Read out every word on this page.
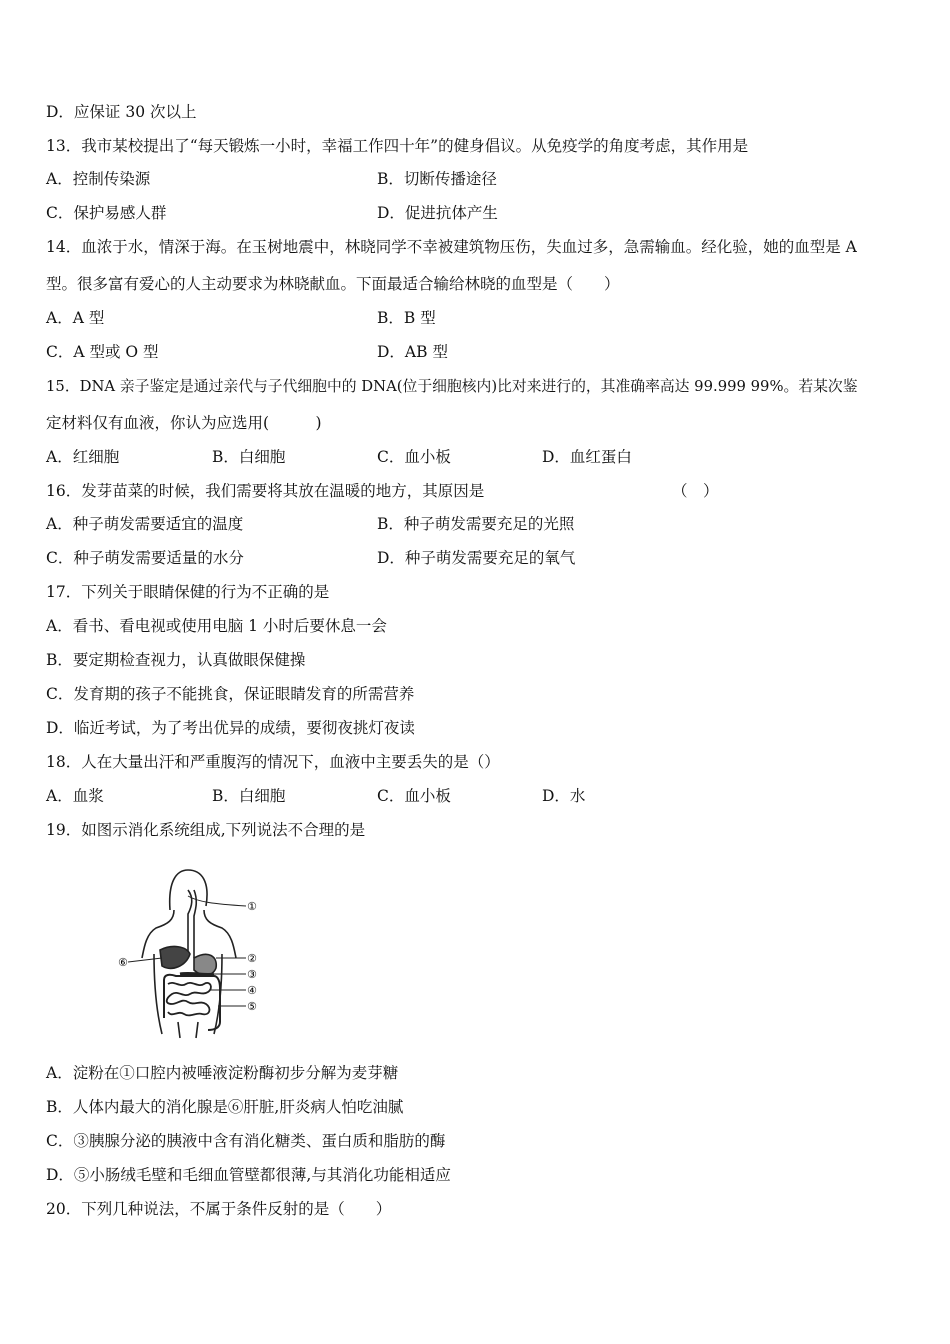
D．应保证 30 次以上
13．我市某校提出了“每天锻炼一小时，幸福工作四十年”的健身倡议。从免疫学的角度考虑，其作用是
A．控制传染源	B．切断传播途径
C．保护易感人群	D．促进抗体产生
14．血浓于水，情深于海。在玉树地震中，林晓同学不幸被建筑物压伤，失血过多，急需输血。经化验，她的血型是 A
型。很多富有爱心的人主动要求为林晓献血。下面最适合输给林晓的血型是（　　）
A．A 型	B．B 型
C．A 型或 O 型	D．AB 型
15．DNA 亲子鉴定是通过亲代与子代细胞中的 DNA(位于细胞核内)比对来进行的，其准确率高达 99.999 99%。若某次鉴
定材料仅有血液，你认为应选用(　　　)
A．红细胞	B．白细胞	C．血小板	D．血红蛋白
16．发芽苗菜的时候，我们需要将其放在温暖的地方，其原因是	（　）
A．种子萌发需要适宜的温度	B．种子萌发需要充足的光照
C．种子萌发需要适量的水分	D．种子萌发需要充足的氧气
17．下列关于眼睛保健的行为不正确的是
A．看书、看电视或使用电脑 1 小时后要休息一会
B．要定期检查视力，认真做眼保健操
C．发育期的孩子不能挑食，保证眼睛发育的所需营养
D．临近考试，为了考出优异的成绩，要彻夜挑灯夜读
18．人在大量出汗和严重腹泻的情况下，血液中主要丢失的是（）
A．血浆	B．白细胞	C．血小板	D．水
19．如图示消化系统组成,下列说法不合理的是
①
②
③
④
⑤
⑥
A．淀粉在①口腔内被唾液淀粉酶初步分解为麦芽糖
B．人体内最大的消化腺是⑥肝脏,肝炎病人怕吃油腻
C．③胰腺分泌的胰液中含有消化糖类、蛋白质和脂肪的酶
D．⑤小肠绒毛壁和毛细血管壁都很薄,与其消化功能相适应
20．下列几种说法，不属于条件反射的是（　　）
